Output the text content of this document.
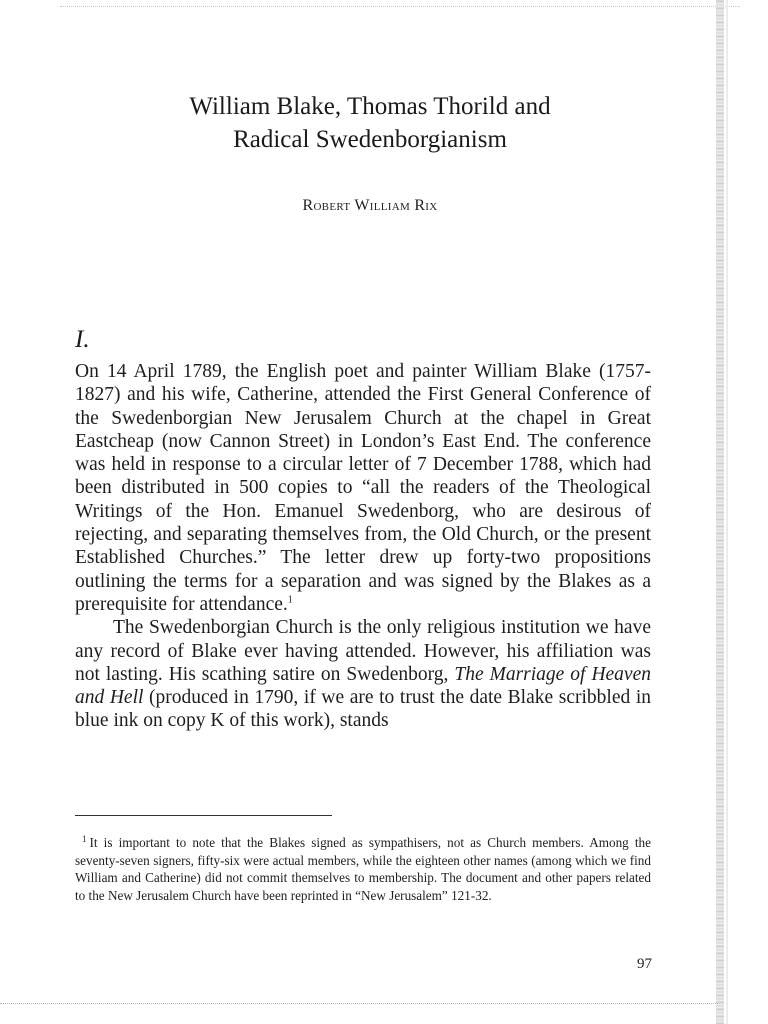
William Blake, Thomas Thorild and
Radical Swedenborgianism
Robert William Rix
I.

On 14 April 1789, the English poet and painter William Blake (1757-1827) and his wife, Catherine, attended the First General Conference of the Swedenborgian New Jerusalem Church at the chapel in Great Eastcheap (now Cannon Street) in London’s East End. The conference was held in response to a circular letter of 7 December 1788, which had been distributed in 500 copies to “all the readers of the Theological Writings of the Hon. Emanuel Swedenborg, who are desirous of rejecting, and separating themselves from, the Old Church, or the present Established Churches.” The letter drew up forty-two propositions outlining the terms for a separation and was signed by the Blakes as a prerequisite for attendance.$^1$

The Swedenborgian Church is the only religious institution we have any record of Blake ever having attended. However, his affiliation was not lasting. His scathing satire on Swedenborg, The Marriage of Heaven and Hell (produced in 1790, if we are to trust the date Blake scribbled in blue ink on copy K of this work), stands

$^1$ It is important to note that the Blakes signed as sympathisers, not as Church members. Among the seventy-seven signers, fifty-six were actual members, while the eighteen other names (among which we find William and Catherine) did not commit themselves to membership. The document and other papers related to the New Jerusalem Church have been reprinted in “New Jerusalem” 121-32.
97
